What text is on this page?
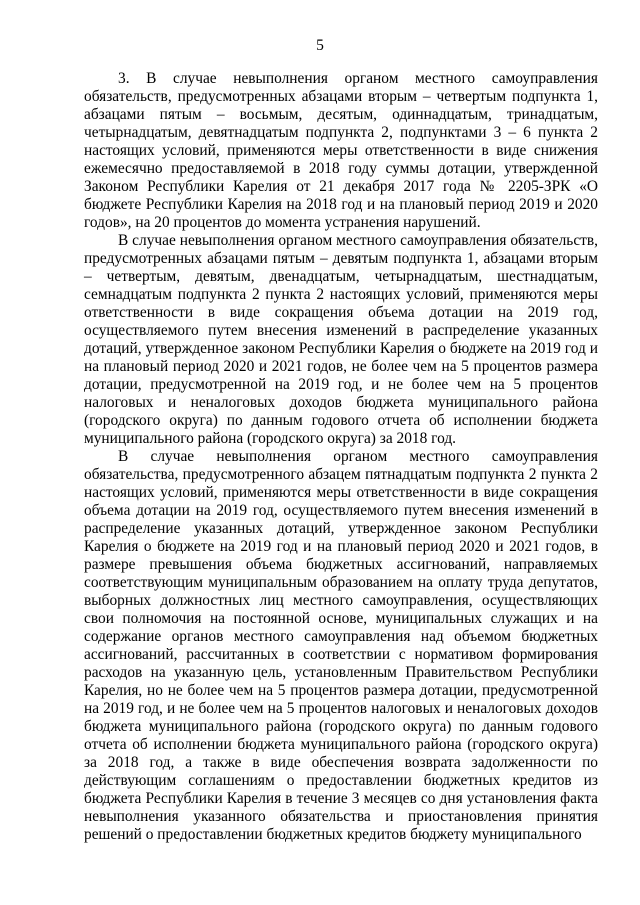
5

3. В случае невыполнения органом местного самоуправления обязательств, предусмотренных абзацами вторым – четвертым подпункта 1, абзацами пятым – восьмым, десятым, одиннадцатым, тринадцатым, четырнадцатым, девятнадцатым подпункта 2, подпунктами 3 – 6 пункта 2 настоящих условий, применяются меры ответственности в виде снижения ежемесячно предоставляемой в 2018 году суммы дотации, утвержденной Законом Республики Карелия от 21 декабря 2017 года № 2205-ЗРК «О бюджете Республики Карелия на 2018 год и на плановый период 2019 и 2020 годов», на 20 процентов до момента устранения нарушений.

В случае невыполнения органом местного самоуправления обязательств, предусмотренных абзацами пятым – девятым подпункта 1, абзацами вторым – четвертым, девятым, двенадцатым, четырнадцатым, шестнадцатым, семнадцатым подпункта 2 пункта 2 настоящих условий, применяются меры ответственности в виде сокращения объема дотации на 2019 год, осуществляемого путем внесения изменений в распределение указанных дотаций, утвержденное законом Республики Карелия о бюджете на 2019 год и на плановый период 2020 и 2021 годов, не более чем на 5 процентов размера дотации, предусмотренной на 2019 год, и не более чем на 5 процентов налоговых и неналоговых доходов бюджета муниципального района (городского округа) по данным годового отчета об исполнении бюджета муниципального района (городского округа) за 2018 год.

В случае невыполнения органом местного самоуправления обязательства, предусмотренного абзацем пятнадцатым подпункта 2 пункта 2 настоящих условий, применяются меры ответственности в виде сокращения объема дотации на 2019 год, осуществляемого путем внесения изменений в распределение указанных дотаций, утвержденное законом Республики Карелия о бюджете на 2019 год и на плановый период 2020 и 2021 годов, в размере превышения объема бюджетных ассигнований, направляемых соответствующим муниципальным образованием на оплату труда депутатов, выборных должностных лиц местного самоуправления, осуществляющих свои полномочия на постоянной основе, муниципальных служащих и на содержание органов местного самоуправления над объемом бюджетных ассигнований, рассчитанных в соответствии с нормативом формирования расходов на указанную цель, установленным Правительством Республики Карелия, но не более чем на 5 процентов размера дотации, предусмотренной на 2019 год, и не более чем на 5 процентов налоговых и неналоговых доходов бюджета муниципального района (городского округа) по данным годового отчета об исполнении бюджета муниципального района (городского округа) за 2018 год, а также в виде обеспечения возврата задолженности по действующим соглашениям о предоставлении бюджетных кредитов из бюджета Республики Карелия в течение 3 месяцев со дня установления факта невыполнения указанного обязательства и приостановления принятия решений о предоставлении бюджетных кредитов бюджету муниципального
